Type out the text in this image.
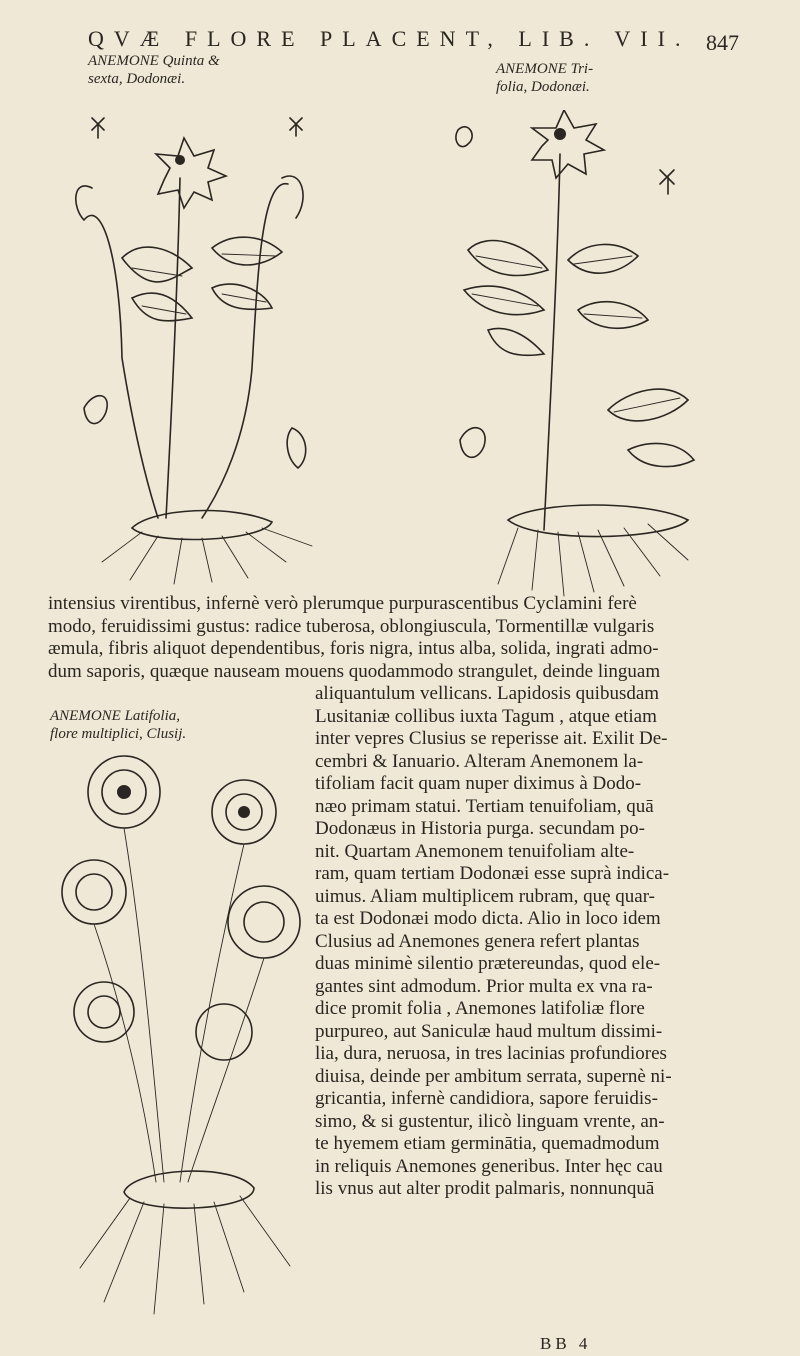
QVÆ FLORE PLACENT, LIB. VII. 847
ANEMONE Quinta &
sexta, Dodonæi.
ANEMONE Tri-
folia, Dodonæi.
intensius virentibus, infernè verò plerumque purpurascentibus Cyclamini ferè
modo, feruidissimi gustus: radice tuberosa, oblongiuscula, Tormentillæ vulgaris
æmula, fibris aliquot dependentibus, foris nigra, intus alba, solida, ingrati admo-
dum saporis, quæque nauseam mouens quodammodo strangulet, deinde linguam
ANEMONE Latifolia,
flore multiplici, Clusij.
aliquantulum vellicans. Lapidosis quibusdam
Lusitaniæ collibus iuxta Tagum , atque etiam
inter vepres Clusius se reperisse ait. Exilit De-
cembri & Ianuario. Alteram Anemonem la-
tifoliam facit quam nuper diximus à Dodo-
næo primam statui. Tertiam tenuifoliam, quā
Dodonæus in Historia purga. secundam po-
nit. Quartam Anemonem tenuifoliam alte-
ram, quam tertiam Dodonæi esse suprà indica-
uimus. Aliam multiplicem rubram, quę quar-
ta est Dodonæi modo dicta. Alio in loco idem
Clusius ad Anemones genera refert plantas
duas minimè silentio prætereundas, quod ele-
gantes sint admodum. Prior multa ex vna ra-
dice promit folia , Anemones latifoliæ flore
purpureo, aut Saniculæ haud multum dissimi-
lia, dura, neruosa, in tres lacinias profundiores
diuisa, deinde per ambitum serrata, supernè ni-
gricantia, infernè candidiora, sapore feruidis-
simo, & si gustentur, ilicò linguam vrente, an-
te hyemem etiam germinātia, quemadmodum
in reliquis Anemones generibus. Inter hęc cau
lis vnus aut alter prodit palmaris, nonnunquā
BB 4
